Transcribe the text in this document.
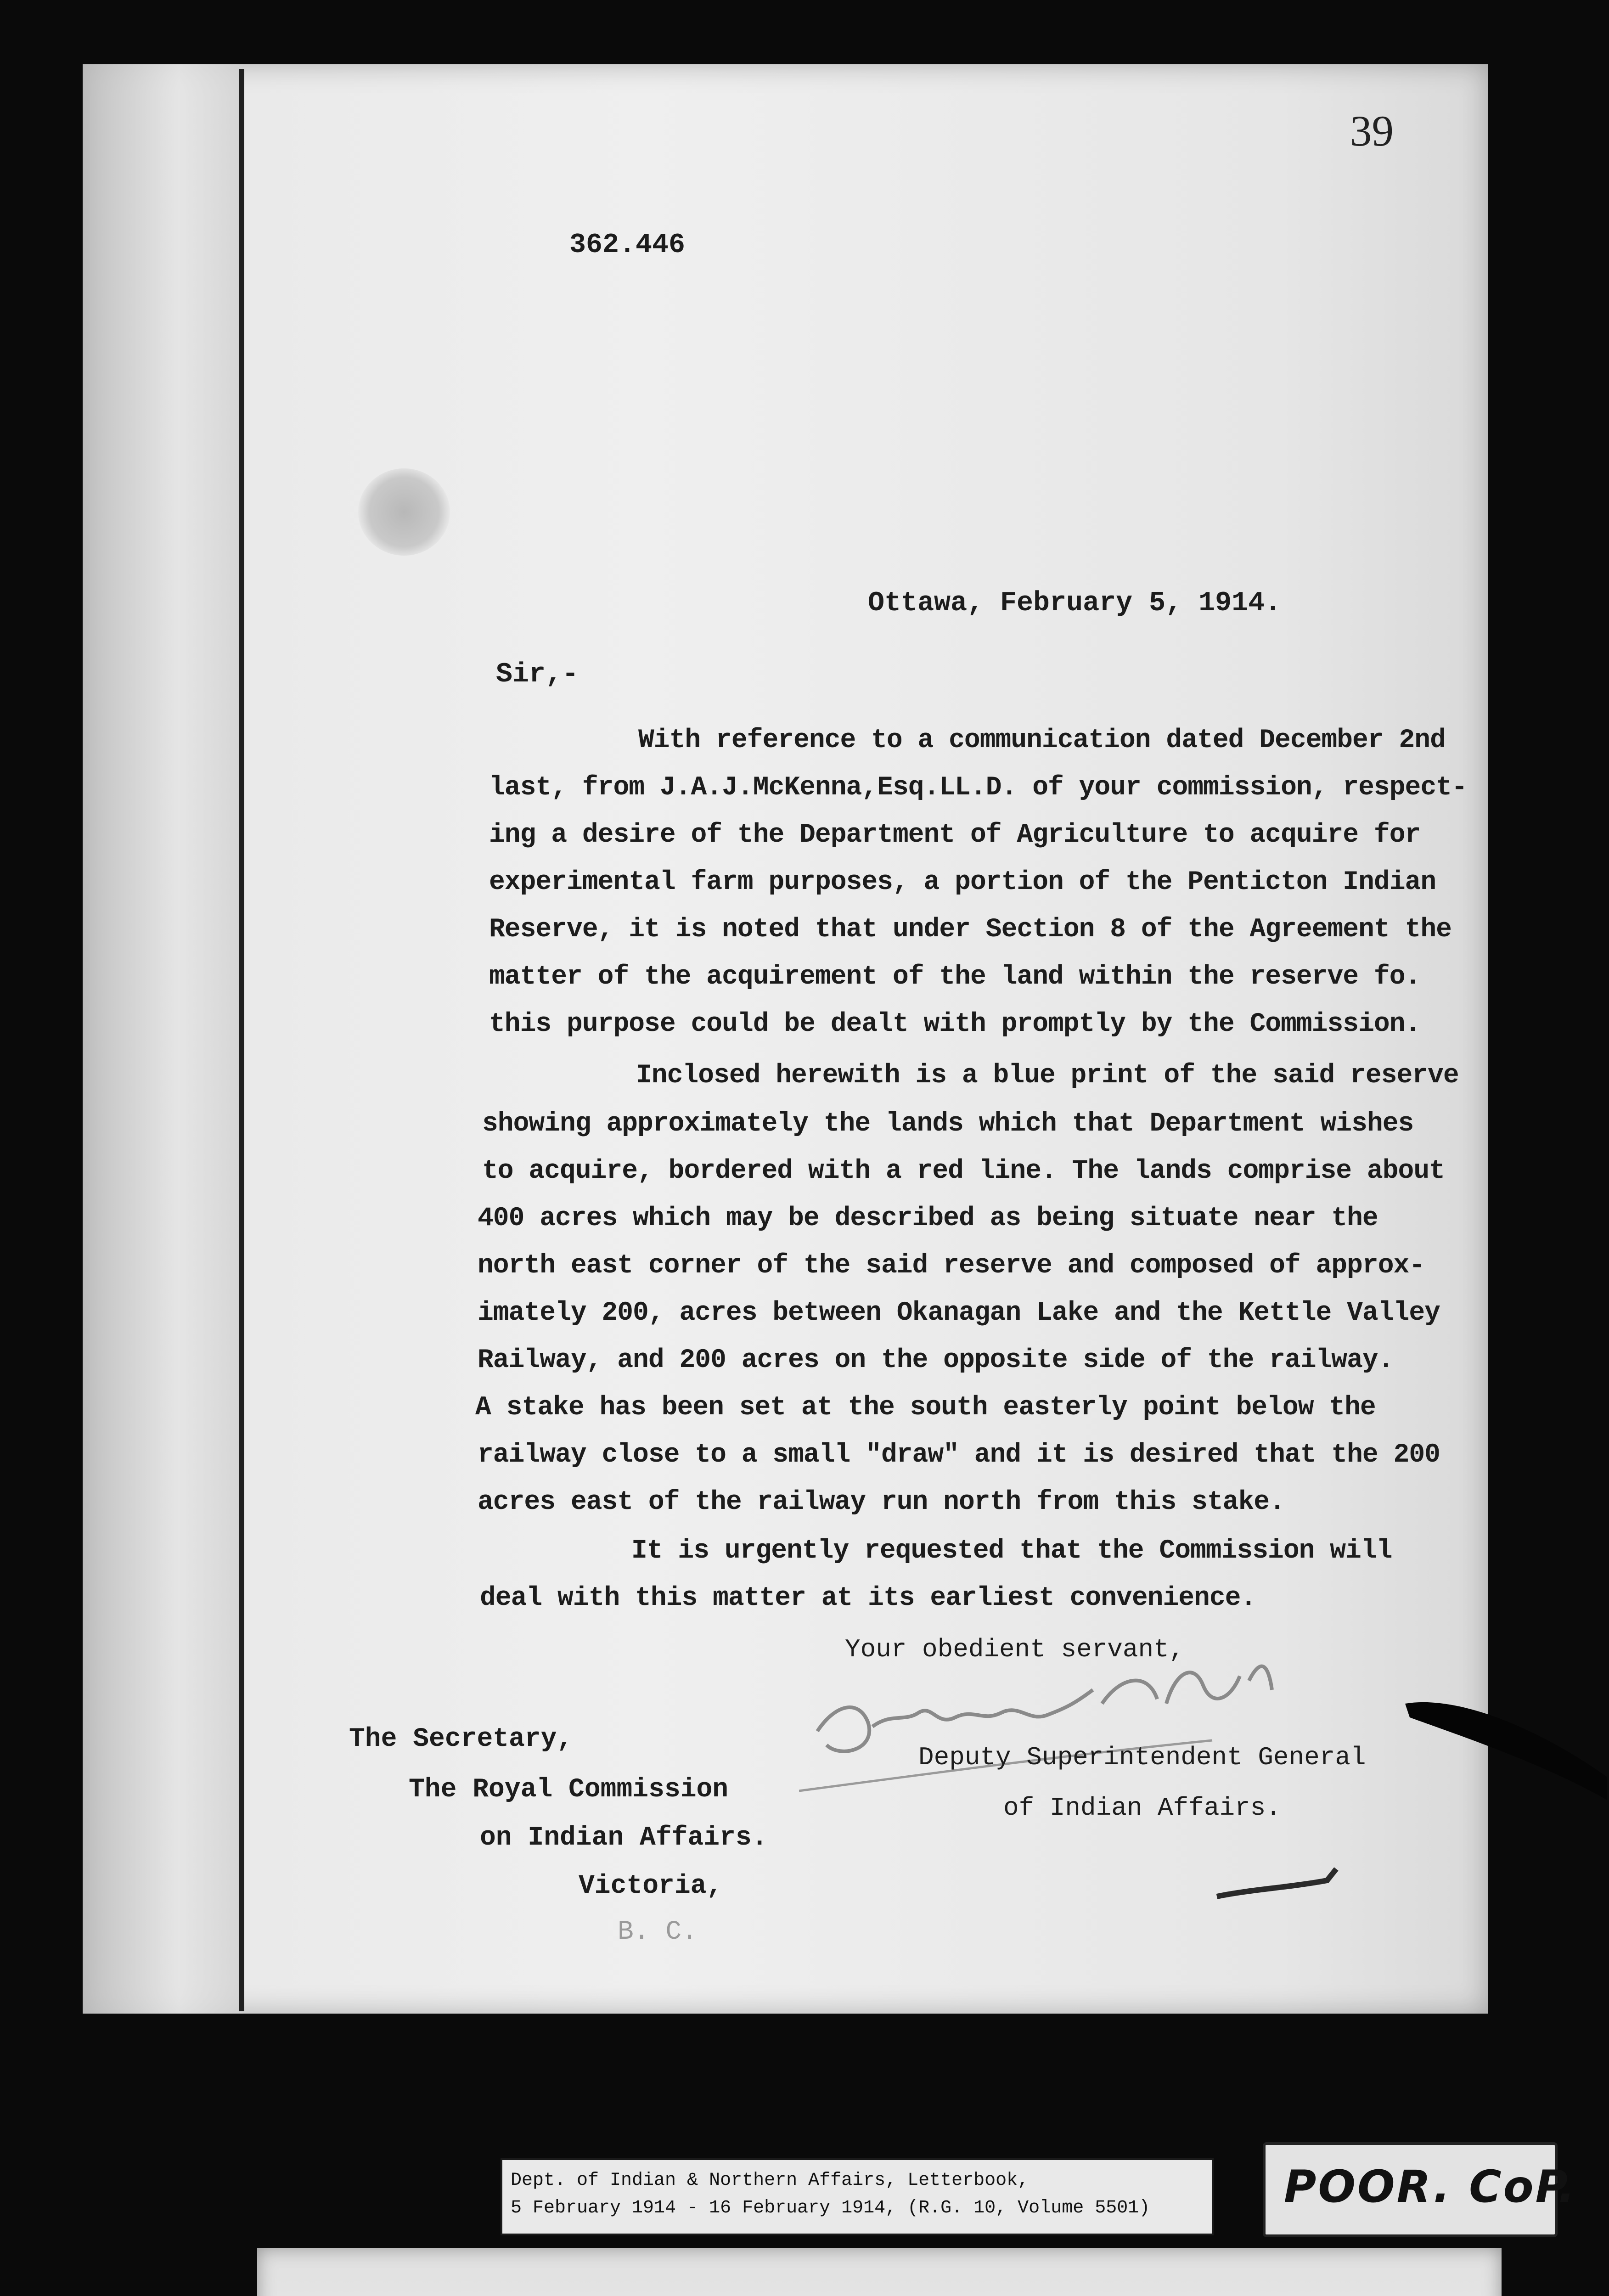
39

362.446

Ottawa, February 5, 1914.

Sir,-

With reference to a communication dated December 2nd

last, from J.A.J.McKenna,Esq.LL.D. of your commission, respect-

ing a desire of the Department of Agriculture to acquire for

experimental farm purposes, a portion of the Penticton Indian

Reserve, it is noted that under Section 8 of the Agreement the

matter of the acquirement of the land within the reserve fo.

this purpose could be dealt with promptly by the Commission.

Inclosed herewith is a blue print of the said reserve

showing approximately the lands which that Department wishes

to acquire, bordered with a red line. The lands comprise about

400 acres which may be described as being situate near the

north east corner of the said reserve and composed of approx-

imately 200, acres between Okanagan Lake and the Kettle Valley

Railway, and 200 acres on the opposite side of the railway.

A stake has been set at the south easterly point below the

railway close to a small "draw" and it is desired that the 200

acres east of the railway run north from this stake.

It is urgently requested that the Commission will

deal with this matter at its earliest convenience.

Your obedient servant,

Deputy Superintendent General

of Indian Affairs.

The Secretary,

The Royal Commission

on Indian Affairs.

Victoria,

B. C.

Dept. of Indian & Northern Affairs, Letterbook,

5 February 1914 - 16 February 1914, (R.G. 10, Volume 5501)	POOR. CoP.
